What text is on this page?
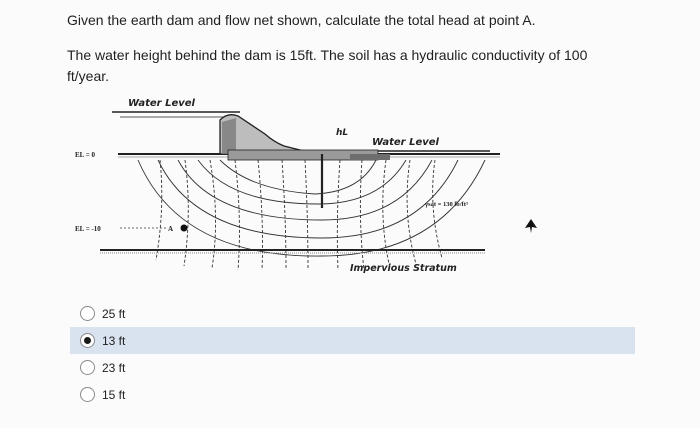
Given the earth dam and flow net shown, calculate the total head at point A.
The water height behind the dam is 15ft. The soil has a hydraulic conductivity of 100 ft/year.
Water Level
Water Level
hL
EL = 0
EL = -10	A
γsat = 130 lb/ft³
Impervious Stratum
25 ft
13 ft
23 ft
15 ft
